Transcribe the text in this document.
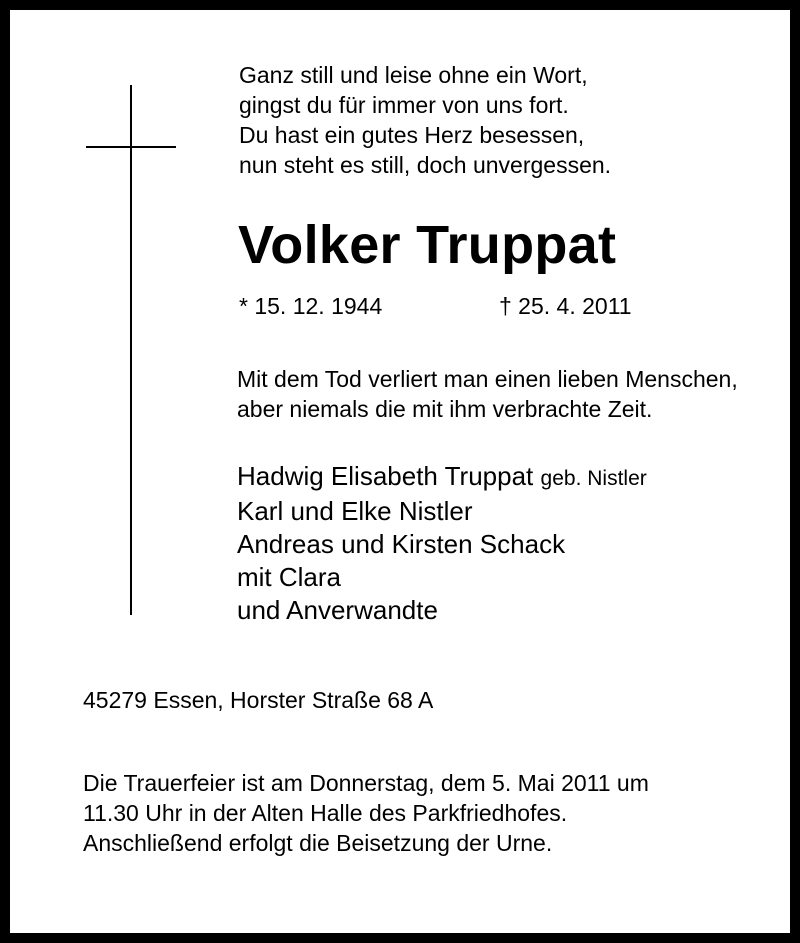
Ganz still und leise ohne ein Wort,
gingst du für immer von uns fort.
Du hast ein gutes Herz besessen,
nun steht es still, doch unvergessen.
Volker Truppat
* 15. 12. 1944	† 25. 4. 2011
Mit dem Tod verliert man einen lieben Menschen,
aber niemals die mit ihm verbrachte Zeit.
Hadwig Elisabeth Truppat geb. Nistler
Karl und Elke Nistler
Andreas und Kirsten Schack
mit Clara
und Anverwandte
45279 Essen, Horster Straße 68 A
Die Trauerfeier ist am Donnerstag, dem 5. Mai 2011 um
11.30 Uhr in der Alten Halle des Parkfriedhofes.
Anschließend erfolgt die Beisetzung der Urne.
